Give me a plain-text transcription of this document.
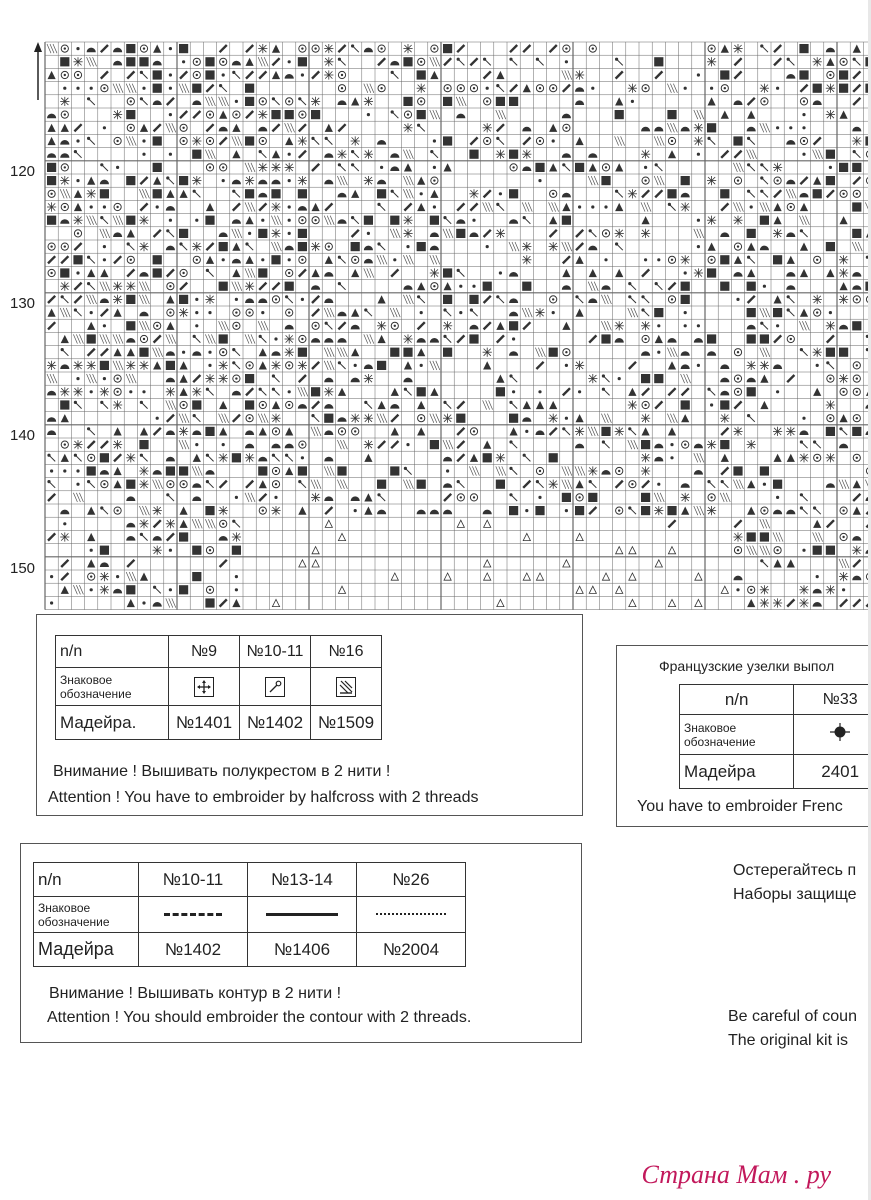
120
130
140
150
n/n	№9	№10-11	№16
Знаковое
обозначение			
Мадейра.	№1401	№1402	№1509
Внимание ! Вышивать полукрестом в 2 нити !
Attention ! You have to embroider by halfcross with 2 threads
Французские узелки выпол
n/n	№33
Знаковое
обозначение	
Мадейра	2401
You have to embroider Frenc
n/n	№10-11	№13-14	№26
Знаковое
обозначение			
Мадейра	№1402	№1406	№2004
Внимание ! Вышивать контур в 2 нити !
Attention ! You should embroider the contour with 2 threads.
Остерегайтесь п
Наборы защище
Be careful of coun
The original kit is
Страна Мам . ру
